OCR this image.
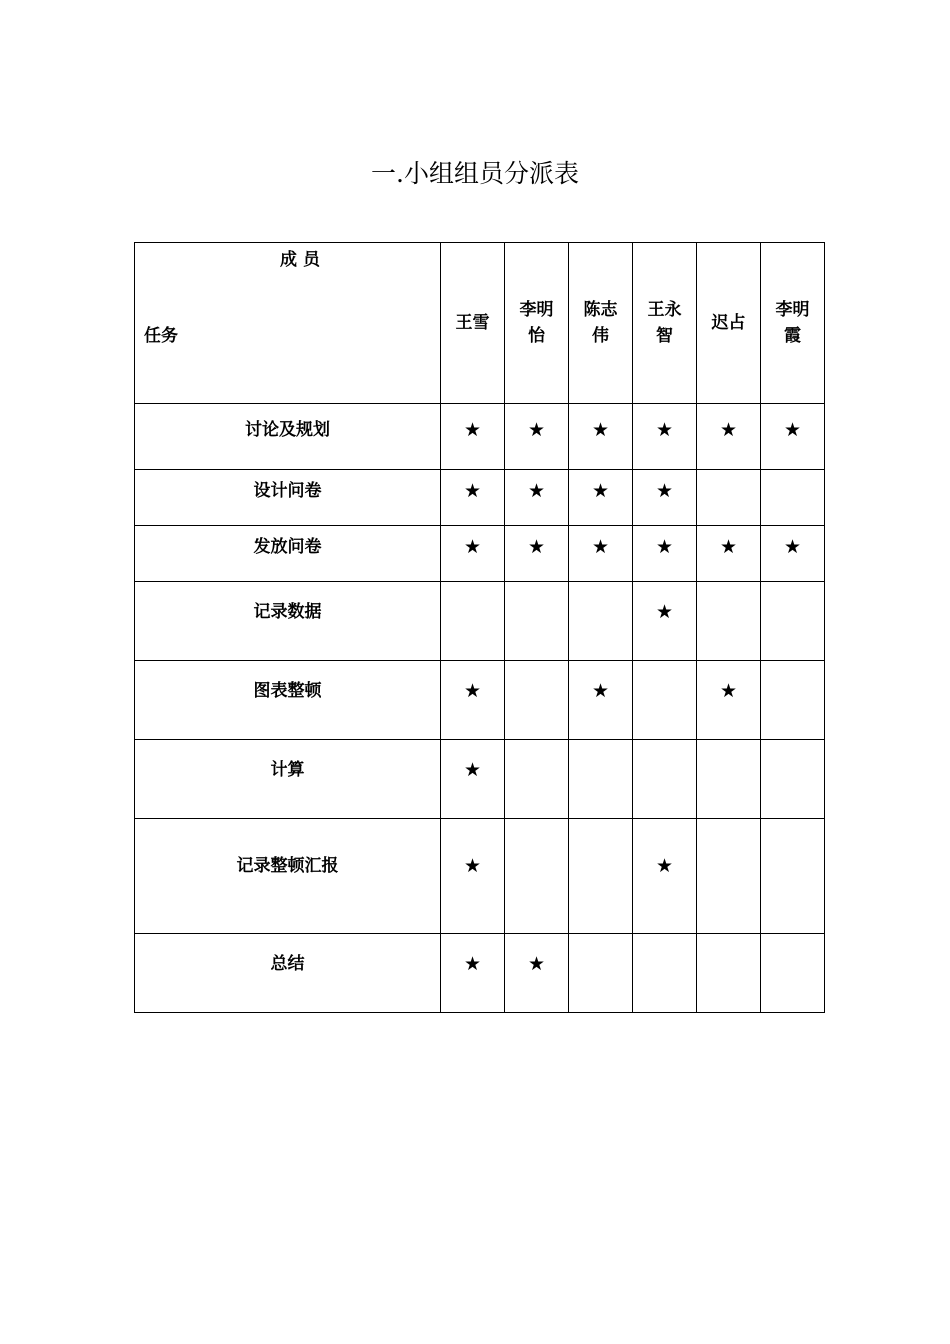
一.小组组员分派表
成 员
任务	王雪	李明怡	陈志伟	王永智	迟占	李明霞

讨论及规划	★	★	★	★	★	★

设计问卷	★	★	★	★		

发放问卷	★	★	★	★	★	★

记录数据				★		

图表整顿	★		★		★	

计算	★					

记录整顿汇报	★			★		

总结	★	★				
